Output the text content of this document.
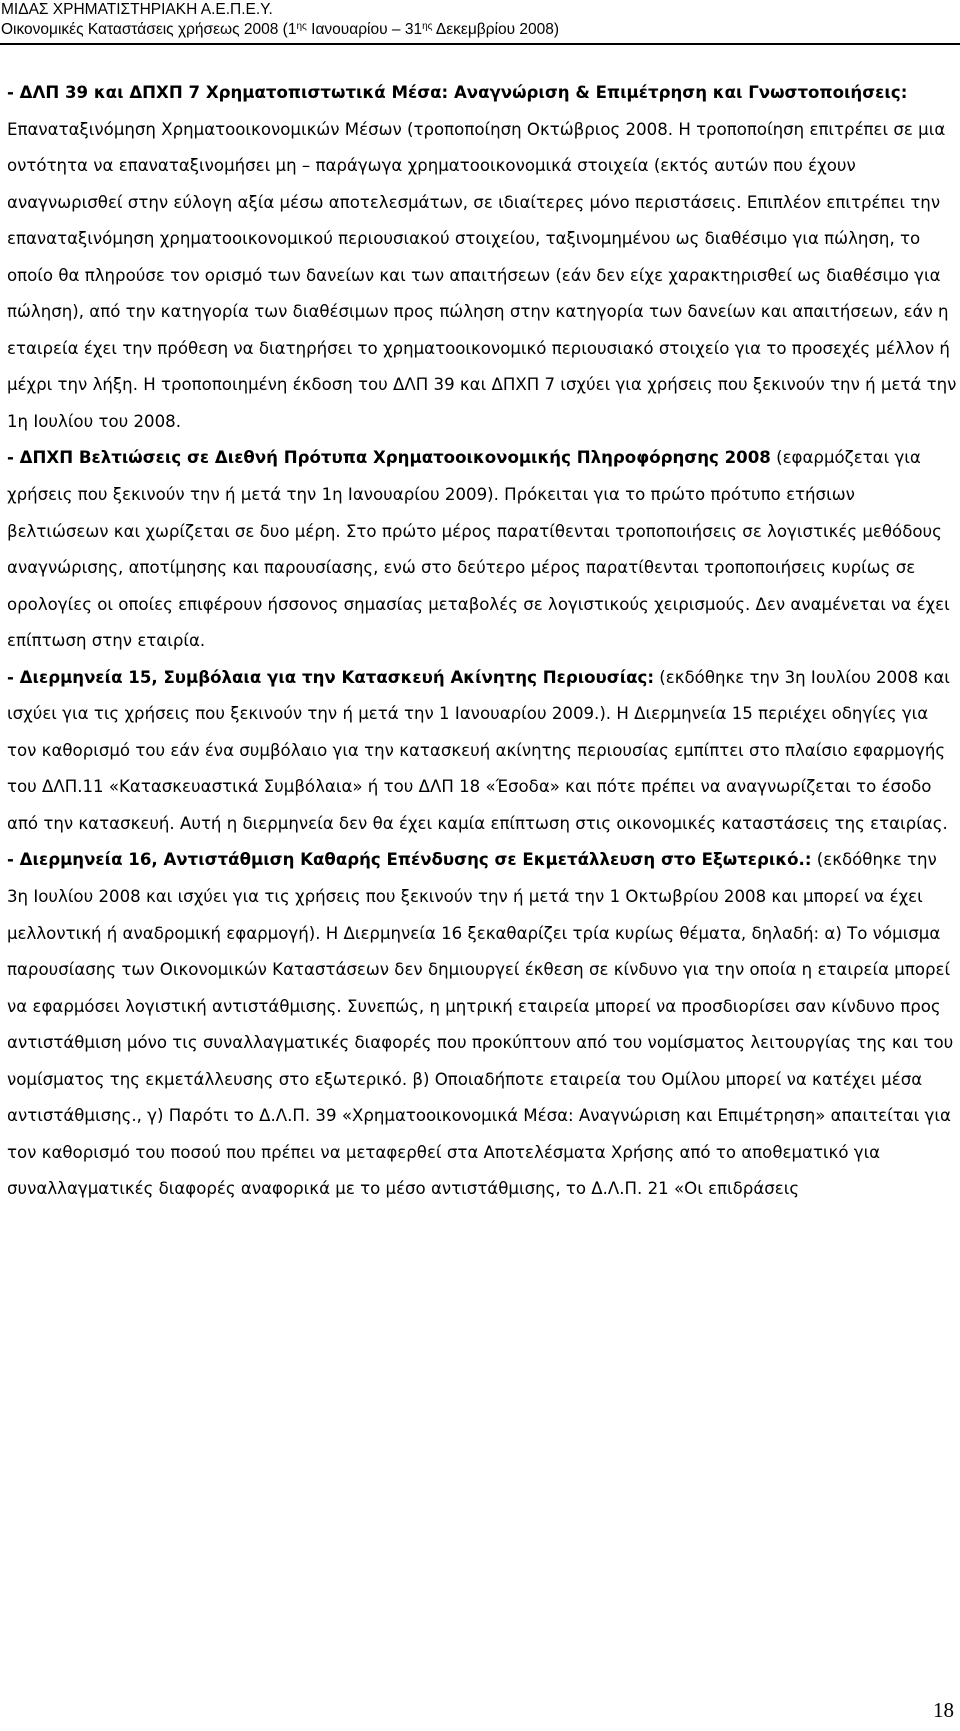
ΜΙΔΑΣ ΧΡΗΜΑΤΙΣΤΗΡΙΑΚΗ Α.Ε.Π.Ε.Υ.
Οικονομικές Καταστάσεις χρήσεως 2008 ($1^{\eta\varsigma}$ Ιανουαρίου – $31^{\eta\varsigma}$ Δεκεμβρίου 2008)

- ΔΛΠ 39 και ΔΠΧΠ 7 Χρηματοπιστωτικά Μέσα: Αναγνώριση & Επιμέτρηση και Γνωστοποιήσεις: Επαναταξινόμηση Χρηματοοικονομικών Μέσων (τροποποίηση Οκτώβριος 2008. Η τροποποίηση επιτρέπει σε μια οντότητα να επαναταξινομήσει μη – παράγωγα χρηματοοικονομικά στοιχεία (εκτός αυτών που έχουν αναγνωρισθεί στην εύλογη αξία μέσω αποτελεσμάτων, σε ιδιαίτερες μόνο περιστάσεις. Επιπλέον επιτρέπει την επαναταξινόμηση χρηματοοικονομικού περιουσιακού στοιχείου, ταξινομημένου ως διαθέσιμο για πώληση, το οποίο θα πληρούσε τον ορισμό των δανείων και των απαιτήσεων (εάν δεν είχε χαρακτηρισθεί ως διαθέσιμο για πώληση), από την κατηγορία των διαθέσιμων προς πώληση στην κατηγορία των δανείων και απαιτήσεων, εάν η εταιρεία έχει την πρόθεση να διατηρήσει το χρηματοοικονομικό περιουσιακό στοιχείο για το προσεχές μέλλον ή μέχρι την λήξη. Η τροποποιημένη έκδοση του ΔΛΠ 39 και ΔΠΧΠ 7 ισχύει για χρήσεις που ξεκινούν την ή μετά την 1η Ιουλίου του 2008.

- ΔΠΧΠ Βελτιώσεις σε Διεθνή Πρότυπα Χρηματοοικονομικής Πληροφόρησης 2008 (εφαρμόζεται για χρήσεις που ξεκινούν την ή μετά την 1η Ιανουαρίου 2009). Πρόκειται για το πρώτο πρότυπο ετήσιων βελτιώσεων και χωρίζεται σε δυο μέρη. Στο πρώτο μέρος παρατίθενται τροποποιήσεις σε λογιστικές μεθόδους αναγνώρισης, αποτίμησης και παρουσίασης, ενώ στο δεύτερο μέρος παρατίθενται τροποποιήσεις κυρίως σε ορολογίες οι οποίες επιφέρουν ήσσονος σημασίας μεταβολές σε λογιστικούς χειρισμούς. Δεν αναμένεται να έχει επίπτωση στην εταιρία.

- Διερμηνεία 15, Συμβόλαια για την Κατασκευή Ακίνητης Περιουσίας: (εκδόθηκε την 3η Ιουλίου 2008 και ισχύει για τις χρήσεις που ξεκινούν την ή μετά την 1 Ιανουαρίου 2009.). Η Διερμηνεία 15 περιέχει οδηγίες για τον καθορισμό του εάν ένα συμβόλαιο για την κατασκευή ακίνητης περιουσίας εμπίπτει στο πλαίσιο εφαρμογής του ΔΛΠ.11 «Κατασκευαστικά Συμβόλαια» ή του ΔΛΠ 18 «Έσοδα» και πότε πρέπει να αναγνωρίζεται το έσοδο από την κατασκευή. Αυτή η διερμηνεία δεν θα έχει καμία επίπτωση στις οικονομικές καταστάσεις της εταιρίας.

- Διερμηνεία 16, Αντιστάθμιση Καθαρής Επένδυσης σε Εκμετάλλευση στο Εξωτερικό.: (εκδόθηκε την 3η Ιουλίου 2008 και ισχύει για τις χρήσεις που ξεκινούν την ή μετά την 1 Οκτωβρίου 2008 και μπορεί να έχει μελλοντική ή αναδρομική εφαρμογή). Η Διερμηνεία 16 ξεκαθαρίζει τρία κυρίως θέματα, δηλαδή: α) Το νόμισμα παρουσίασης των Οικονομικών Καταστάσεων δεν δημιουργεί έκθεση σε κίνδυνο για την οποία η εταιρεία μπορεί να εφαρμόσει λογιστική αντιστάθμισης. Συνεπώς, η μητρική εταιρεία μπορεί να προσδιορίσει σαν κίνδυνο προς αντιστάθμιση μόνο τις συναλλαγματικές διαφορές που προκύπτουν από του νομίσματος λειτουργίας της και του νομίσματος της εκμετάλλευσης στο εξωτερικό. β) Οποιαδήποτε εταιρεία του Ομίλου μπορεί να κατέχει μέσα αντιστάθμισης., γ) Παρότι το Δ.Λ.Π. 39 «Χρηματοοικονομικά Μέσα: Αναγνώριση και Επιμέτρηση» απαιτείται για τον καθορισμό του ποσού που πρέπει να μεταφερθεί στα Αποτελέσματα Χρήσης από το αποθεματικό για συναλλαγματικές διαφορές αναφορικά με το μέσο αντιστάθμισης, το Δ.Λ.Π. 21 «Οι επιδράσεις

18
